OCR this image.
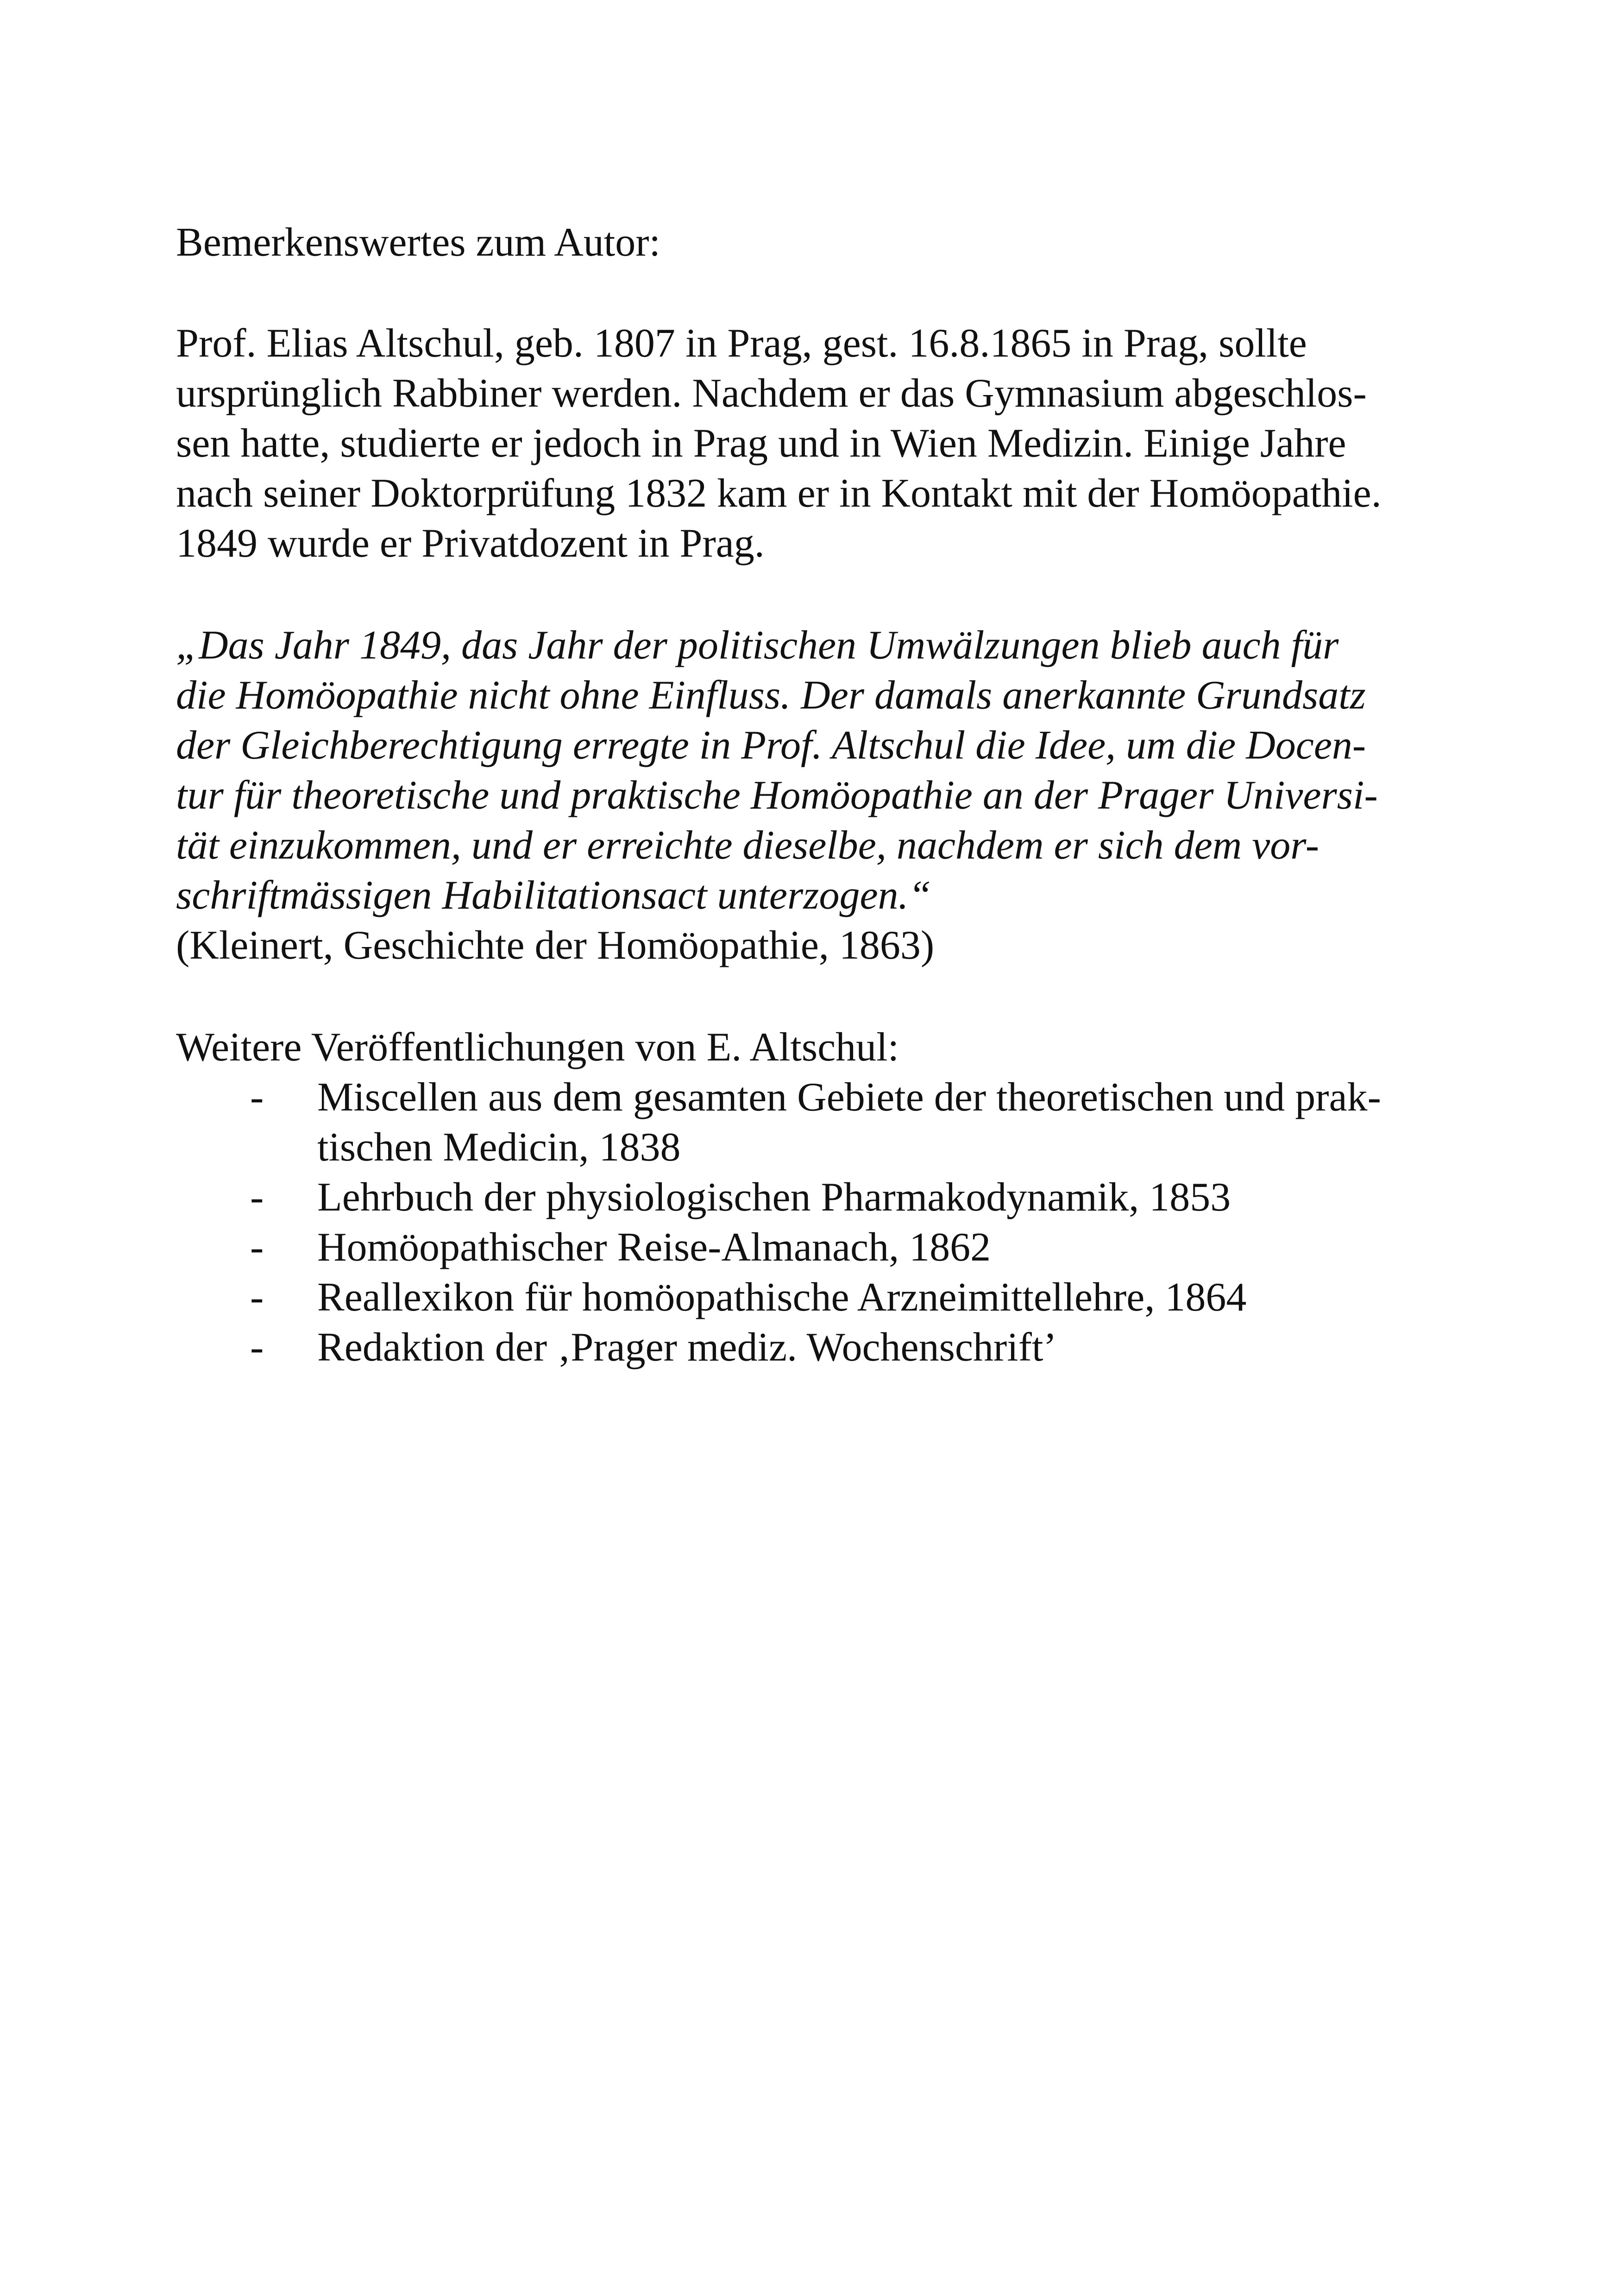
Bemerkenswertes zum Autor:
Prof. Elias Altschul, geb. 1807 in Prag, gest. 16.8.1865 in Prag, sollte
ursprünglich Rabbiner werden. Nachdem er das Gymnasium abgeschlos-
sen hatte, studierte er jedoch in Prag und in Wien Medizin. Einige Jahre
nach seiner Doktorprüfung 1832 kam er in Kontakt mit der Homöopathie.
1849 wurde er Privatdozent in Prag.
„Das Jahr 1849, das Jahr der politischen Umwälzungen blieb auch für
die Homöopathie nicht ohne Einfluss. Der damals anerkannte Grundsatz
der Gleichberechtigung erregte in Prof. Altschul die Idee, um die Docen-
tur für theoretische und praktische Homöopathie an der Prager Universi-
tät einzukommen, und er erreichte dieselbe, nachdem er sich dem vor-
schriftmässigen Habilitationsact unterzogen.“
(Kleinert, Geschichte der Homöopathie, 1863)
Weitere Veröffentlichungen von E. Altschul:
- Miscellen aus dem gesamten Gebiete der theoretischen und prak-
tischen Medicin, 1838
- Lehrbuch der physiologischen Pharmakodynamik, 1853
- Homöopathischer Reise-Almanach, 1862
- Reallexikon für homöopathische Arzneimittellehre, 1864
- Redaktion der ‚Prager mediz. Wochenschrift’
